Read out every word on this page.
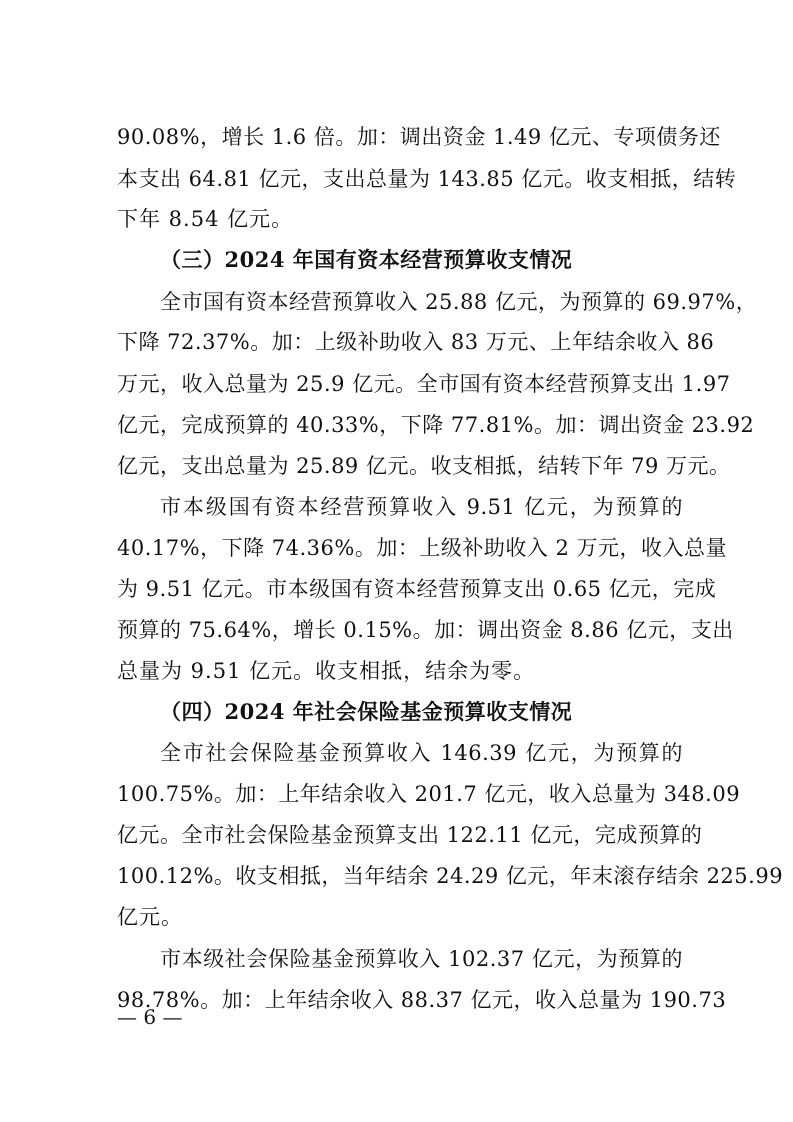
90.08%，增长 1.6 倍。加：调出资金 1.49 亿元、专项债务还
本支出 64.81 亿元，支出总量为 143.85 亿元。收支相抵，结转
下年 8.54 亿元。
（三）2024 年国有资本经营预算收支情况
全市国有资本经营预算收入 25.88 亿元，为预算的 69.97%，
下降 72.37%。加：上级补助收入 83 万元、上年结余收入 86
万元，收入总量为 25.9 亿元。全市国有资本经营预算支出 1.97
亿元，完成预算的 40.33%，下降 77.81%。加：调出资金 23.92
亿元，支出总量为 25.89 亿元。收支相抵，结转下年 79 万元。
市本级国有资本经营预算收入 9.51 亿元，为预算的
40.17%，下降 74.36%。加：上级补助收入 2 万元，收入总量
为 9.51 亿元。市本级国有资本经营预算支出 0.65 亿元，完成
预算的 75.64%，增长 0.15%。加：调出资金 8.86 亿元，支出
总量为 9.51 亿元。收支相抵，结余为零。
（四）2024 年社会保险基金预算收支情况
全市社会保险基金预算收入 146.39 亿元，为预算的
100.75%。加：上年结余收入 201.7 亿元，收入总量为 348.09
亿元。全市社会保险基金预算支出 122.11 亿元，完成预算的
100.12%。收支相抵，当年结余 24.29 亿元，年末滚存结余 225.99
亿元。
市本级社会保险基金预算收入 102.37 亿元，为预算的
98.78%。加：上年结余收入 88.37 亿元，收入总量为 190.73
— 6 —
